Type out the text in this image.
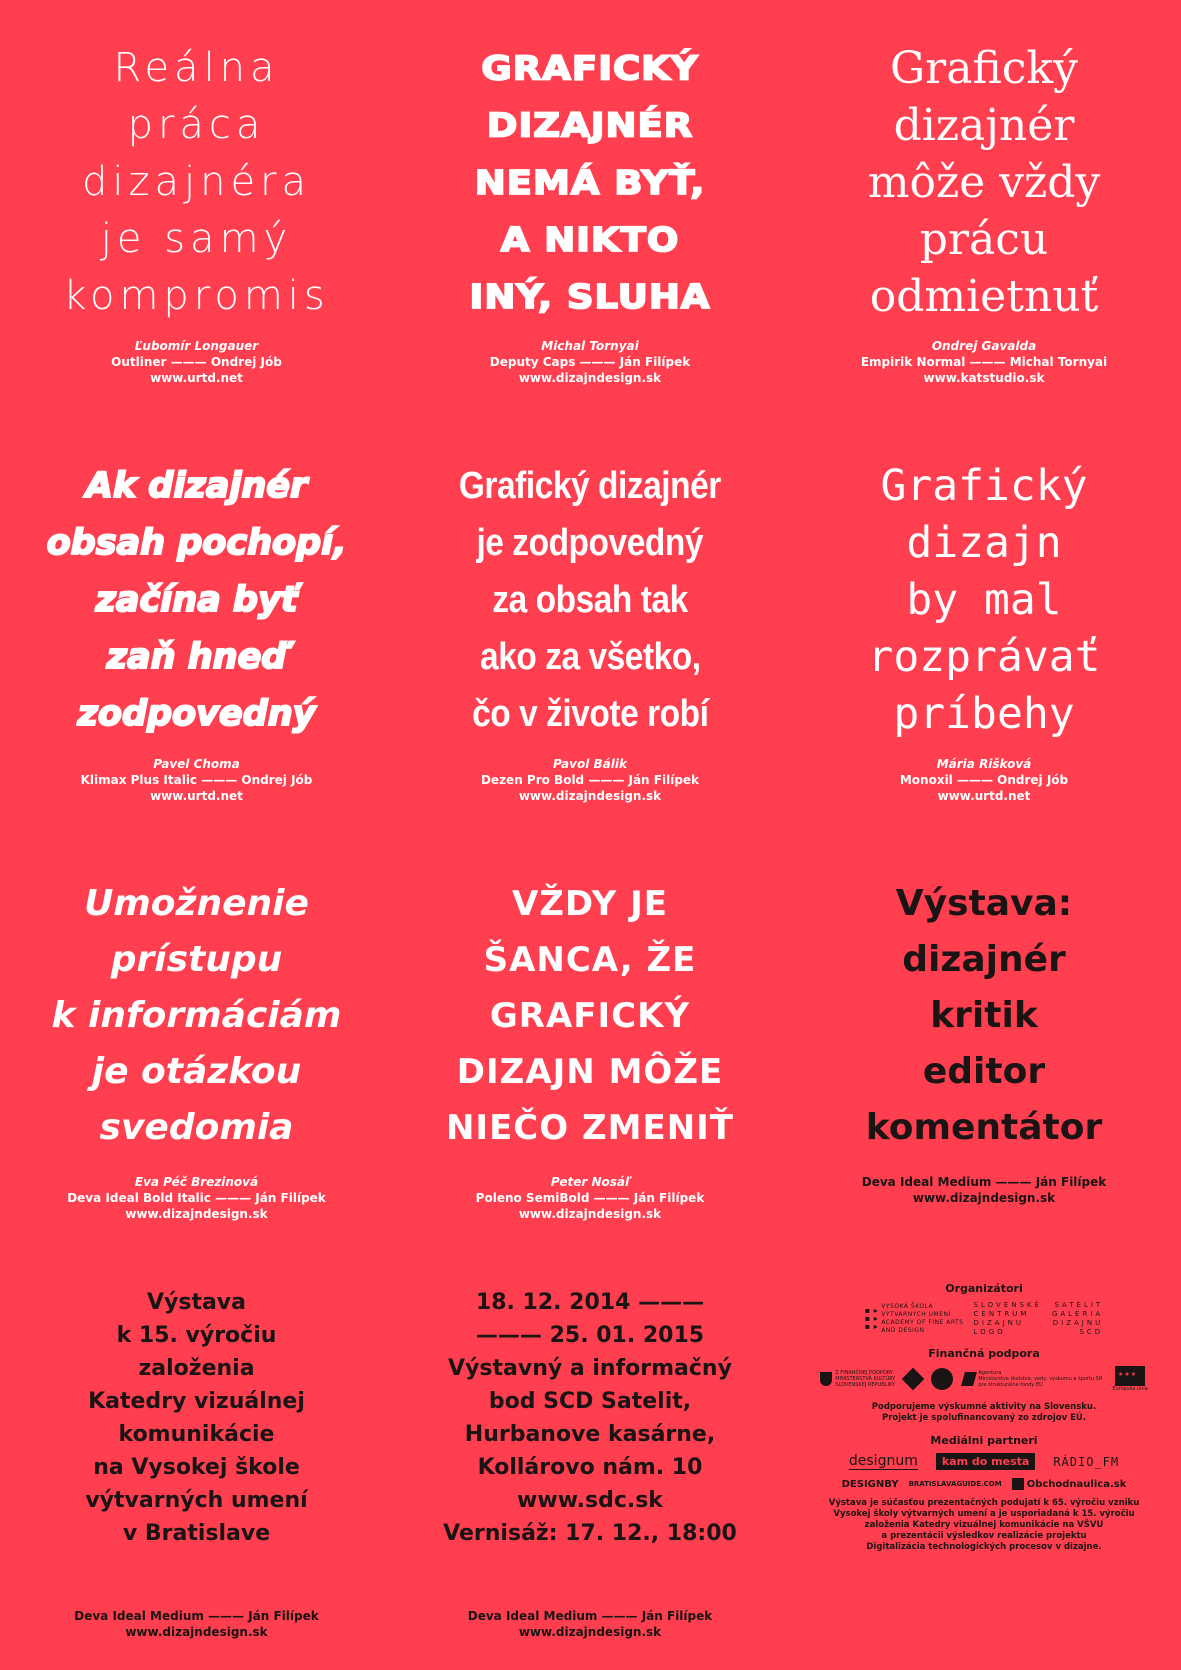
Reálna
práca
dizajnéra
je samý
kompromis
Ľubomír Longauer
Outliner ——— Ondrej Jób
www.urtd.net
GRAFICKÝ
DIZAJNÉR
NEMÁ BYŤ,
A NIKTO
INÝ, SLUHA
Michal Tornyai
Deputy Caps ——— Ján Filípek
www.dizajndesign.sk
Grafický
dizajnér
môže vždy
prácu
odmietnuť
Ondrej Gavalda
Empirik Normal ——— Michal Tornyai
www.katstudio.sk
Ak dizajnér
obsah pochopí,
začína byť
zaň hneď
zodpovedný
Pavel Choma
Klimax Plus Italic ——— Ondrej Jób
www.urtd.net
Grafický dizajnér
je zodpovedný
za obsah tak
ako za všetko,
čo v živote robí
Pavol Bálik
Dezen Pro Bold ——— Ján Filípek
www.dizajndesign.sk
Grafický
dizajn
by mal
rozprávať
príbehy
Mária Rišková
Monoxil ——— Ondrej Jób
www.urtd.net
Umožnenie
prístupu
k informáciám
je otázkou
svedomia
Eva Péč Brezinová
Deva Ideal Bold Italic ——— Ján Filípek
www.dizajndesign.sk
VŽDY JE
ŠANCA, ŽE
GRAFICKÝ
DIZAJN MÔŽE
NIEČO ZMENIŤ
Peter Nosáľ
Poleno SemiBold ——— Ján Filípek
www.dizajndesign.sk
Výstava:
dizajnér
kritik
editor
komentátor
Deva Ideal Medium ——— Ján Filípek
www.dizajndesign.sk
Výstava
k 15. výročiu
založenia
Katedry vizuálnej
komunikácie
na Vysokej škole
výtvarných umení
v Bratislave
Deva Ideal Medium ——— Ján Filípek
www.dizajndesign.sk
18. 12. 2014 ———
——— 25. 01. 2015
Výstavný a informačný
bod SCD Satelit,
Hurbanove kasárne,
Kollárovo nám. 10
www.sdc.sk
Vernisáž: 17. 12., 18:00
Deva Ideal Medium ——— Ján Filípek
www.dizajndesign.sk
Organizátori
▪ ▸
▪ ▸
▪ ▸
VYSOKÁ ŠKOLA
VÝTVARNÝCH UMENÍ
ACADEMY OF FINE ARTS
AND DESIGN
SLOVENSKÉ
CENTRUM
DIZAJNU
LOGO
SATELIT
GALÉRIA
DIZAJNU
SCD
Finančná podpora
Z FINANČNEJ PODPORY
MINISTERSTVA KULTÚRY
SLOVENSKEJ REPUBLIKY
Agentúra
Ministerstva školstva, vedy, výskumu a športu SR
pre štrukturálne fondy EÚ
★★★
Európska únia
Podporujeme výskumné aktivity na Slovensku.
Projekt je spolufinancovaný zo zdrojov EÚ.
Mediálni partneri
designum	kam do mesta	RÁDIO_FM
DESIGNBY BRATISLAVAGUIDE.COM	Obchodnaulica.sk
Výstava je súčasťou prezentačných podujatí k 65. výročiu vzniku
Vysokej školy výtvarných umení a je usporiadaná k 15. výročiu
založenia Katedry vizuálnej komunikácie na VŠVU
a prezentácii výsledkov realizácie projektu
Digitalizácia technologických procesov v dizajne.
